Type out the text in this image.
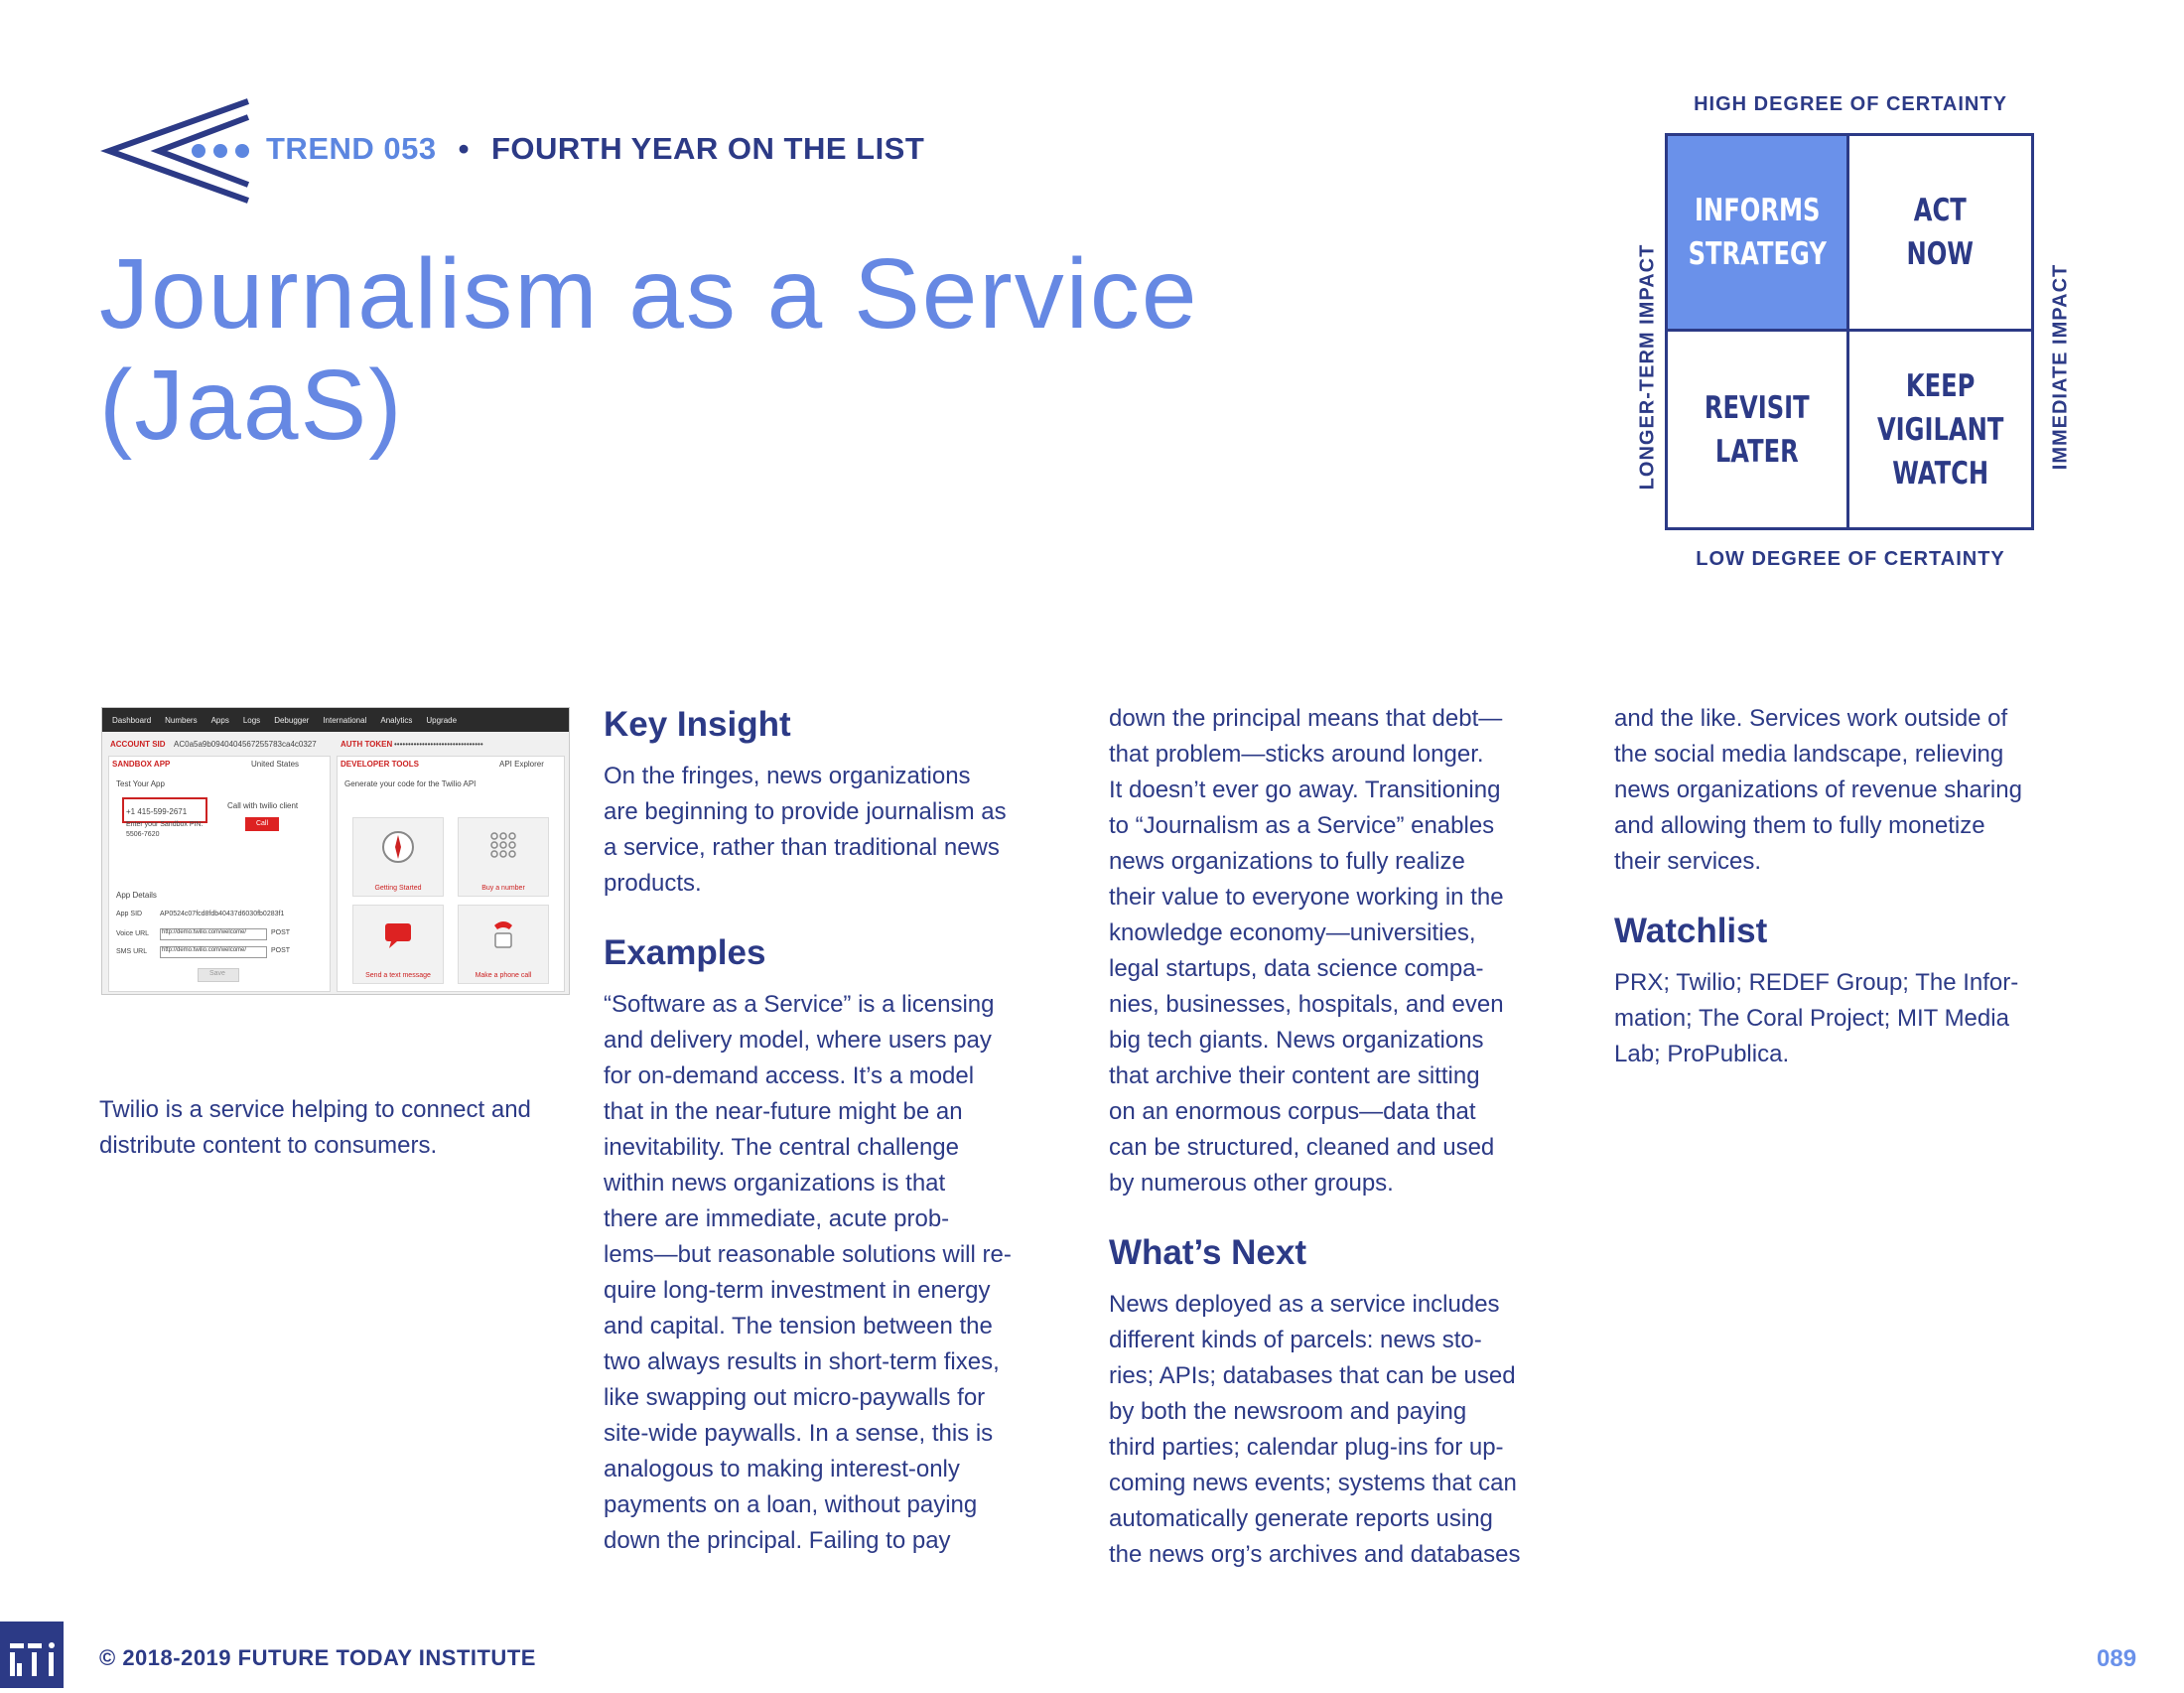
TREND 053 • FOURTH YEAR ON THE LIST
Journalism as a Service
(JaaS)
HIGH DEGREE OF CERTAINTY
LOW DEGREE OF CERTAINTY
LONGER-TERM IMPACT	IMMEDIATE IMPACT
INFORMS
STRATEGY
ACT
NOW
REVISIT
LATER
KEEP
VIGILANT
WATCH
Dashboard Numbers Apps Logs Debugger International Analytics Upgrade
ACCOUNT SID AC0a5a9b0940404567255783ca4c0327	AUTH TOKEN ••••••••••••••••••••••••••••••••
SANDBOX APP	United States
Test Your App
+1 415-599-2671
Enter your Sandbox PIN:
5506-7620
Call with twilio client
Call
App Details
App SID	AP0524c07fcd8fdb40437d6030fb0283f1
Voice URL http://demo.twilio.com/welcome/	POST
SMS URL http://demo.twilio.com/welcome/	POST
Save
DEVELOPER TOOLS	API Explorer
Generate your code for the Twilio API
Getting Started	Buy a number
Send a text message	Make a phone call
Twilio is a service helping to connect and distribute content to consumers.
Key Insight

On the fringes, news organizations
are beginning to provide journalism as
a service, rather than traditional news
products.

Examples

“Software as a Service” is a licensing
and delivery model, where users pay
for on-demand access. It’s a model
that in the near-future might be an
inevitability. The central challenge
within news organizations is that
there are immediate, acute prob-
lems—but reasonable solutions will re-
quire long-term investment in energy
and capital. The tension between the
two always results in short-term fixes,
like swapping out micro-paywalls for
site-wide paywalls. In a sense, this is
analogous to making interest-only
payments on a loan, without paying
down the principal. Failing to pay

down the principal means that debt—
that problem—sticks around longer.
It doesn’t ever go away. Transitioning
to “Journalism as a Service” enables
news organizations to fully realize
their value to everyone working in the
knowledge economy—universities,
legal startups, data science compa-
nies, businesses, hospitals, and even
big tech giants. News organizations
that archive their content are sitting
on an enormous corpus—data that
can be structured, cleaned and used
by numerous other groups.

What’s Next

News deployed as a service includes
different kinds of parcels: news sto-
ries; APIs; databases that can be used
by both the newsroom and paying
third parties; calendar plug-ins for up-
coming news events; systems that can
automatically generate reports using
the news org’s archives and databases

and the like. Services work outside of
the social media landscape, relieving
news organizations of revenue sharing
and allowing them to fully monetize
their services.

Watchlist

PRX; Twilio; REDEF Group; The Infor-
mation; The Coral Project; MIT Media
Lab; ProPublica.

© 2018-2019 FUTURE TODAY INSTITUTE	089
